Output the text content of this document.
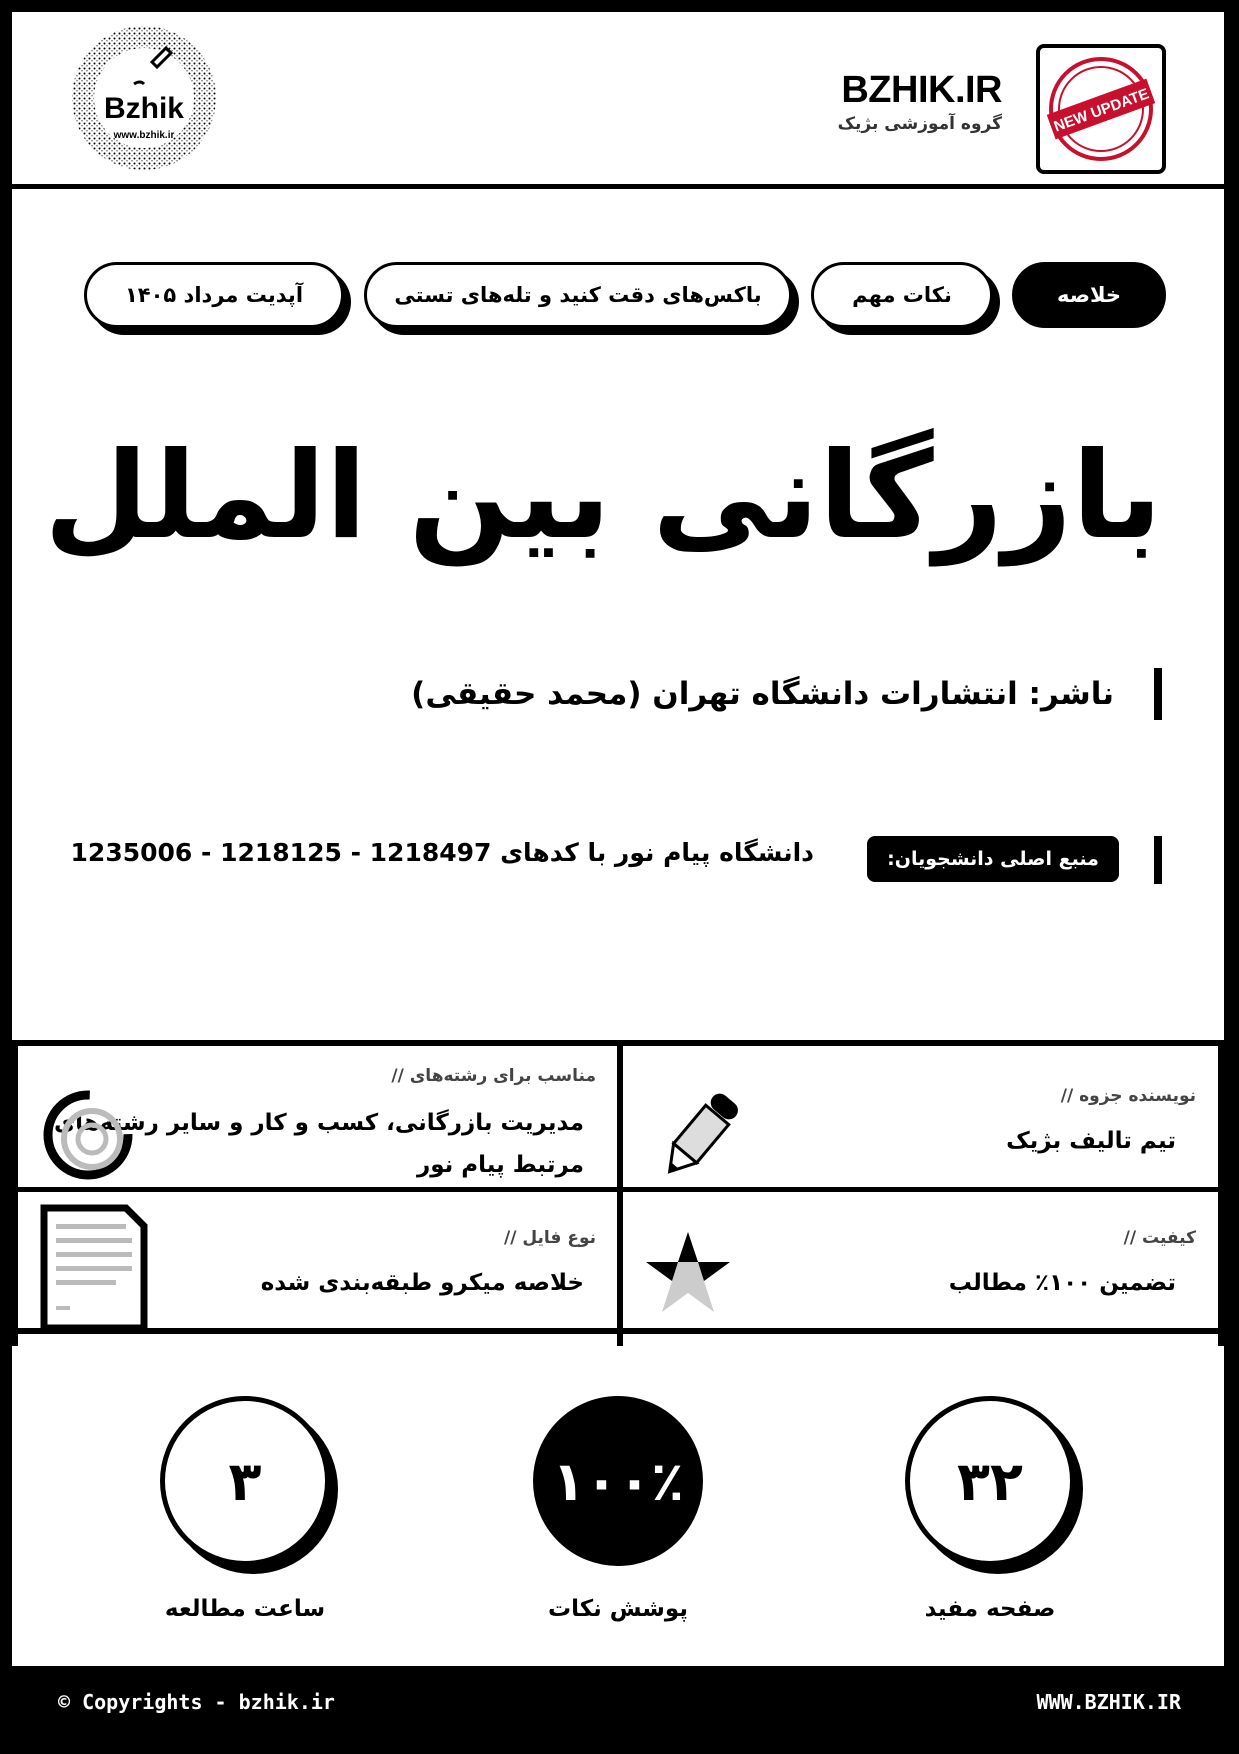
Bzhik
www.bzhik.ir
BZHIK.IR
گروه آموزشی بژیک	NEW UPDATE
خلاصه
نکات مهم
باکس‌های دقت کنید و تله‌های تستی
آپدیت مرداد ۱۴۰۵
بازرگانی بین الملل
ناشر: انتشارات دانشگاه تهران (محمد حقیقی)
منبع اصلی دانشجویان:
دانشگاه پیام نور با کدهای 1218497 - 1218125 - 1235006
مناسب برای رشته‌های //
مدیریت بازرگانی، کسب و کار و سایر رشته‌های
مرتبط پیام نور
نویسنده جزوه //
تیم تالیف بژیک
نوع فایل //
خلاصه میکرو طبقه‌بندی شده
کیفیت //
تضمین ۱۰۰٪ مطالب
۳
ساعت مطالعه
۱۰۰٪
پوشش نکات
۳۲
صفحه مفید
© Copyrights - bzhik.ir	WWW.BZHIK.IR
